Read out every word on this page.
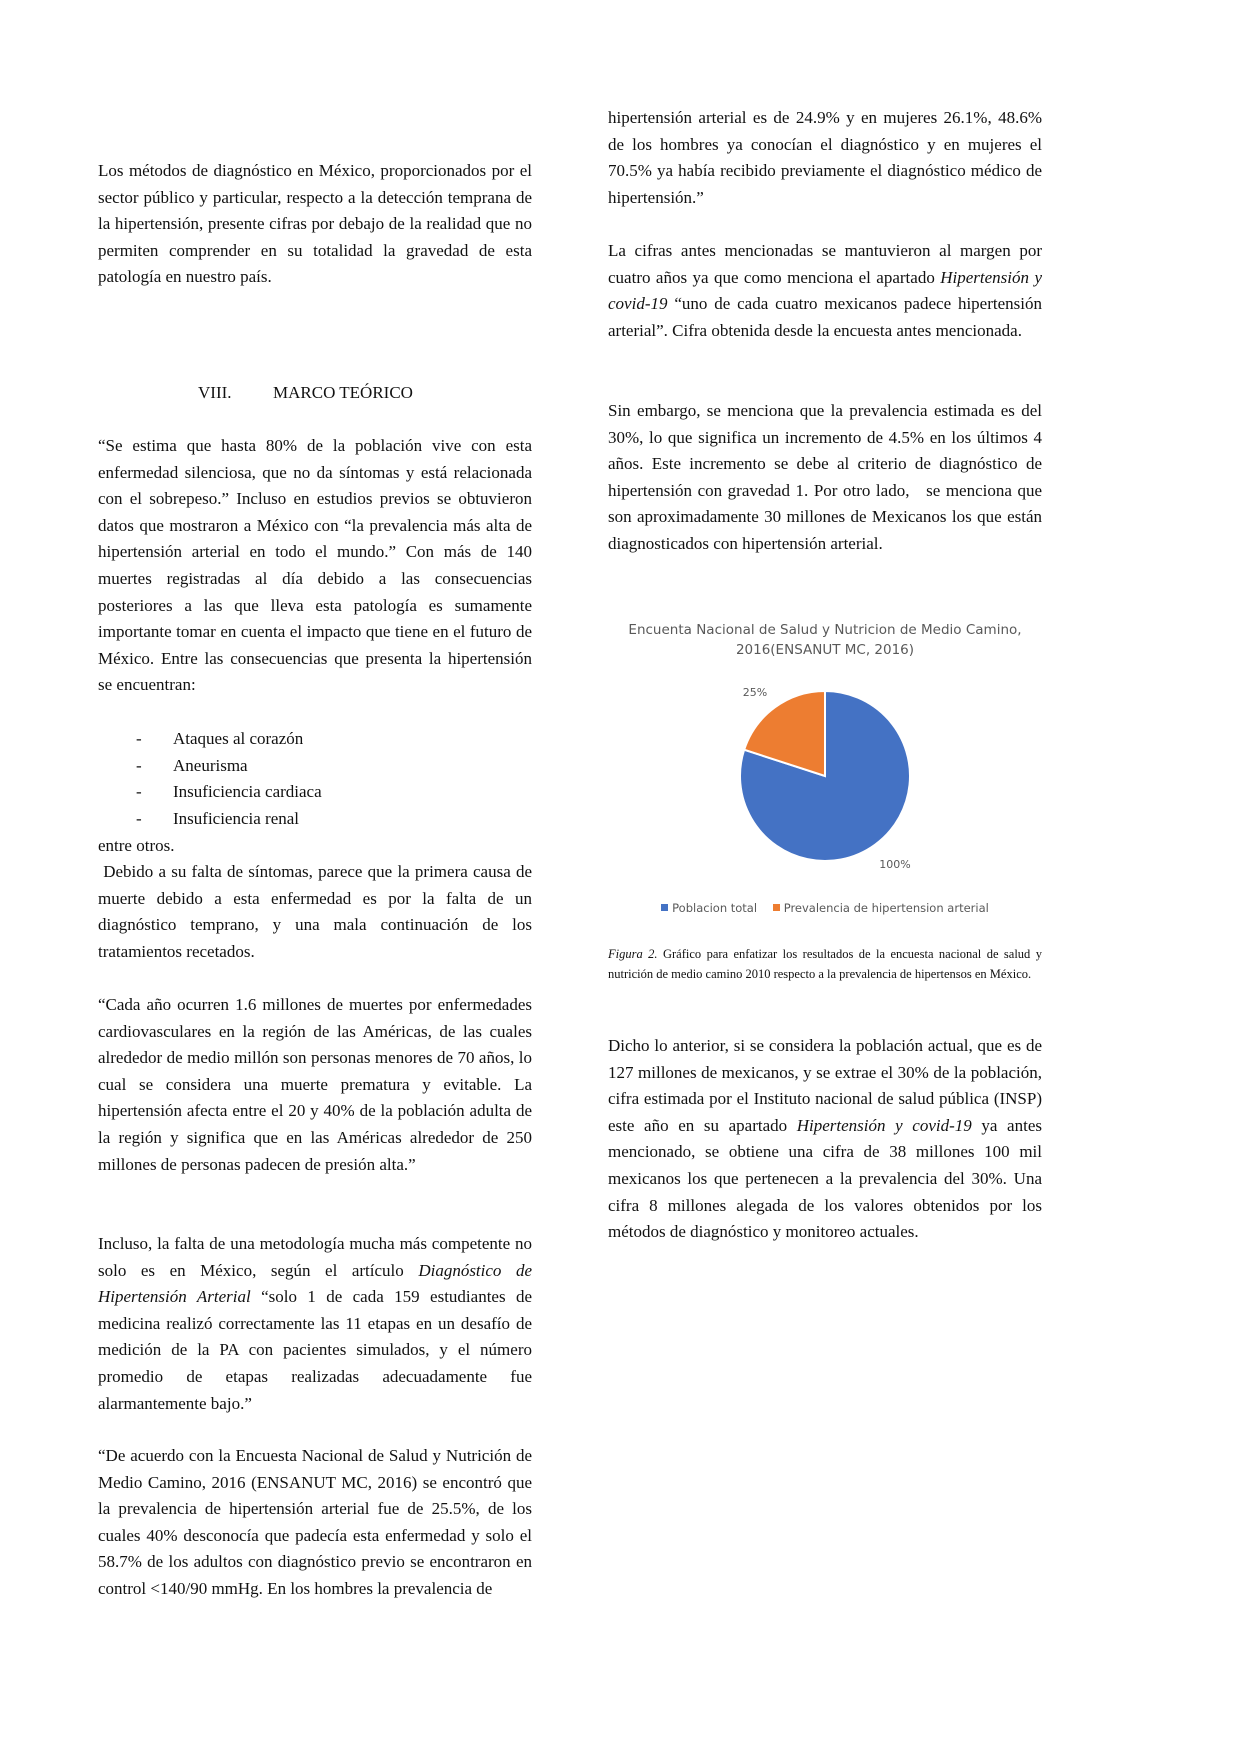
Los métodos de diagnóstico en México, proporcionados por el sector público y particular, respecto a la detección temprana de la hipertensión, presente cifras por debajo de la realidad que no permiten comprender en su totalidad la gravedad de esta patología en nuestro país.

VIII. MARCO TEÓRICO

“Se estima que hasta 80% de la población vive con esta enfermedad silenciosa, que no da síntomas y está relacionada con el sobrepeso.” Incluso en estudios previos se obtuvieron datos que mostraron a México con “la prevalencia más alta de hipertensión arterial en todo el mundo.” Con más de 140 muertes registradas al día debido a las consecuencias posteriores a las que lleva esta patología es sumamente importante tomar en cuenta el impacto que tiene en el futuro de México. Entre las consecuencias que presenta la hipertensión se encuentran:

- Ataques al corazón
- Aneurisma
- Insuficiencia cardiaca
- Insuficiencia renal

entre otros.

Debido a su falta de síntomas, parece que la primera causa de muerte debido a esta enfermedad es por la falta de un diagnóstico temprano, y una mala continuación de los tratamientos recetados.

“Cada año ocurren 1.6 millones de muertes por enfermedades cardiovasculares en la región de las Américas, de las cuales alrededor de medio millón son personas menores de 70 años, lo cual se considera una muerte prematura y evitable. La hipertensión afecta entre el 20 y 40% de la población adulta de la región y significa que en las Américas alrededor de 250 millones de personas padecen de presión alta.”

Incluso, la falta de una metodología mucha más competente no solo es en México, según el artículo Diagnóstico de Hipertensión Arterial “solo 1 de cada 159 estudiantes de medicina realizó correctamente las 11 etapas en un desafío de medición de la PA con pacientes simulados, y el número promedio de etapas realizadas adecuadamente fue alarmantemente bajo.”

“De acuerdo con la Encuesta Nacional de Salud y Nutrición de Medio Camino, 2016 (ENSANUT MC, 2016) se encontró que la prevalencia de hipertensión arterial fue de 25.5%, de los cuales 40% desconocía que padecía esta enfermedad y solo el 58.7% de los adultos con diagnóstico previo se encontraron en control <140/90 mmHg. En los hombres la prevalencia de

hipertensión arterial es de 24.9% y en mujeres 26.1%, 48.6% de los hombres ya conocían el diagnóstico y en mujeres el 70.5% ya había recibido previamente el diagnóstico médico de hipertensión.”

La cifras antes mencionadas se mantuvieron al margen por cuatro años ya que como menciona el apartado Hipertensión y covid-19 “uno de cada cuatro mexicanos padece hipertensión arterial”. Cifra obtenida desde la encuesta antes mencionada.

Sin embargo, se menciona que la prevalencia estimada es del 30%, lo que significa un incremento de 4.5% en los últimos 4 años. Este incremento se debe al criterio de diagnóstico de hipertensión con gravedad 1. Por otro lado,   se menciona que son aproximadamente 30 millones de Mexicanos los que están diagnosticados con hipertensión arterial.

100%
25%
Encuenta Nacional de Salud y Nutricion de Medio Camino,
2016(ENSANUT MC, 2016)
Poblacion total
Prevalencia de hipertension arterial

Figura 2. Gráfico para enfatizar los resultados de la encuesta nacional de salud y nutrición de medio camino 2010 respecto a la prevalencia de hipertensos en México.

Dicho lo anterior, si se considera la población actual, que es de 127 millones de mexicanos, y se extrae el 30% de la población, cifra estimada por el Instituto nacional de salud pública (INSP) este año en su apartado Hipertensión y covid-19 ya antes mencionado, se obtiene una cifra de 38 millones 100 mil mexicanos los que pertenecen a la prevalencia del 30%. Una cifra 8 millones alegada de los valores obtenidos por los métodos de diagnóstico y monitoreo actuales.
